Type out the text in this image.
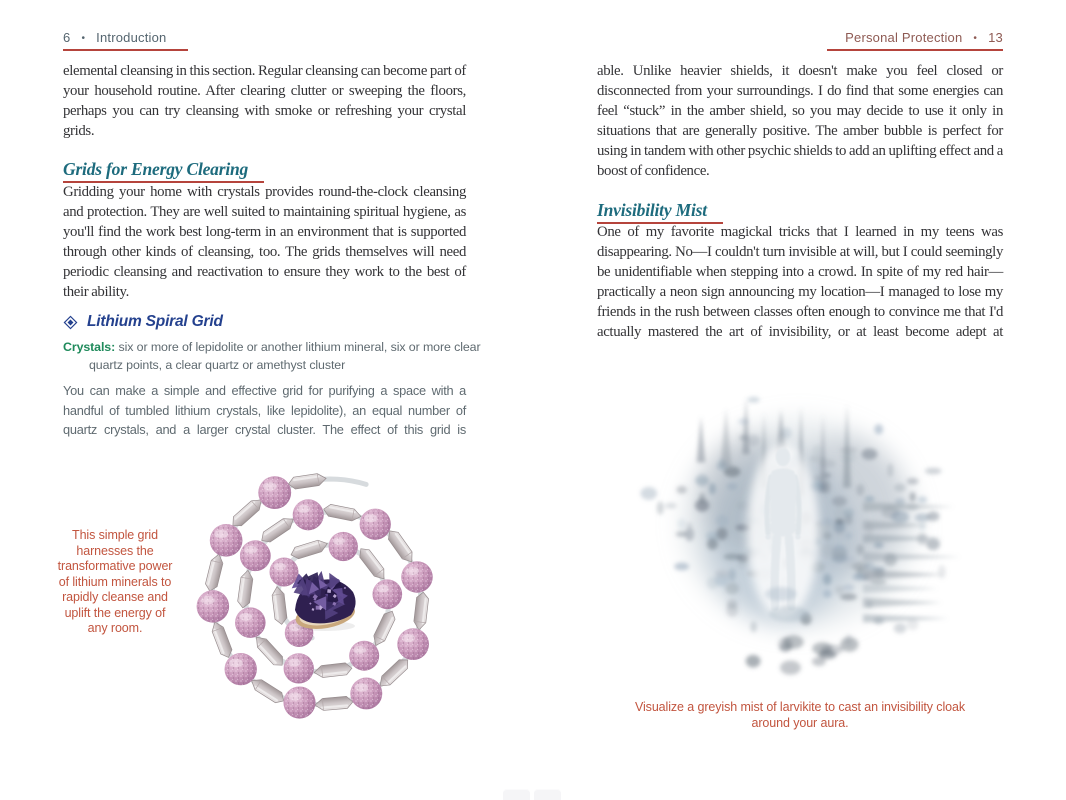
6 • Introduction

elemental cleansing in this section. Regular cleansing can become part of your household routine. After clearing clutter or sweeping the floors, perhaps you can try cleansing with smoke or refreshing your crystal grids.

Grids for Energy Clearing

Gridding your home with crystals provides round-the-clock cleansing and protection. They are well suited to maintaining spiritual hygiene, as you'll find the work best long-term in an environment that is supported through other kinds of cleansing, too. The grids themselves will need periodic cleansing and reactivation to ensure they work to the best of their ability.

Lithium Spiral Grid

Crystals: six or more of lepidolite or another lithium mineral, six or more clear quartz points, a clear quartz or amethyst cluster

You can make a simple and effective grid for purifying a space with a handful of tumbled lithium crystals, like lepidolite), an equal number of quartz crystals, and a larger crystal cluster. The effect of this grid is

This simple grid harnesses the transformative power of lithium minerals to rapidly cleanse and uplift the energy of any room.

Personal Protection • 13

able. Unlike heavier shields, it doesn't make you feel closed or disconnected from your surroundings. I do find that some energies can feel “stuck” in the amber shield, so you may decide to use it only in situations that are generally positive. The amber bubble is perfect for using in tandem with other psychic shields to add an uplifting effect and a boost of confidence.

Invisibility Mist

One of my favorite magickal tricks that I learned in my teens was disappearing. No—I couldn't turn invisible at will, but I could seemingly be unidentifiable when stepping into a crowd. In spite of my red hair—practically a neon sign announcing my location—I managed to lose my friends in the rush between classes often enough to convince me that I'd actually mastered the art of invisibility, or at least become adept at

Visualize a greyish mist of larvikite to cast an invisibility cloak around your aura.
